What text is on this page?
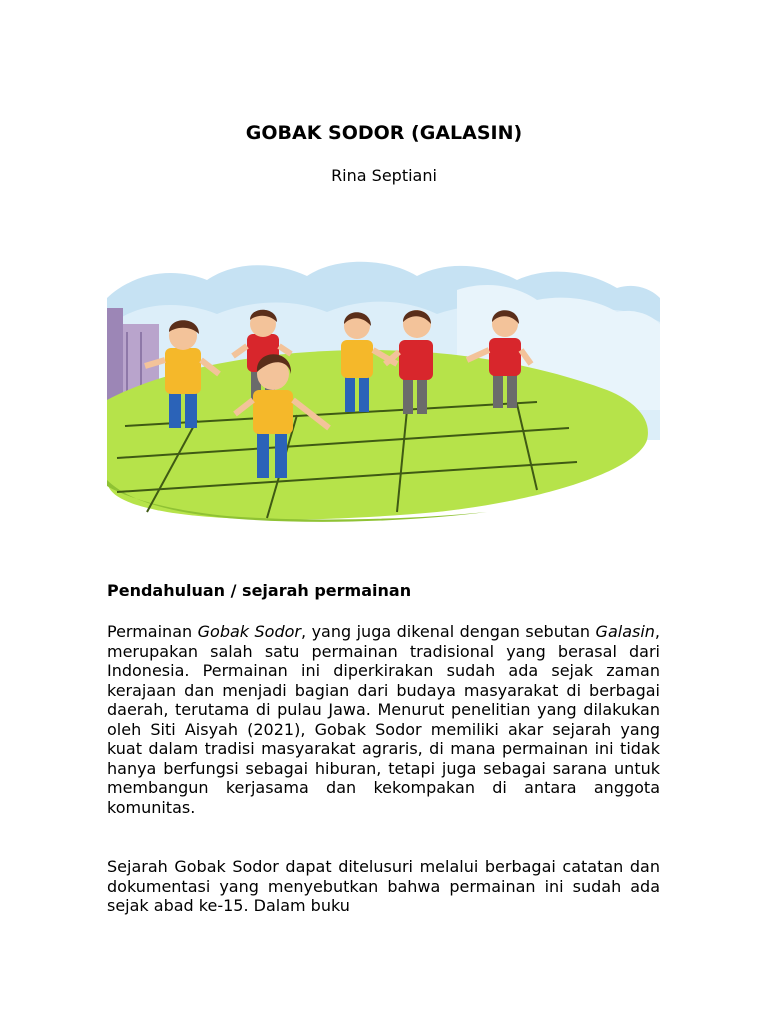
GOBAK SODOR (GALASIN)
Rina Septiani
Pendahuluan / sejarah permainan

Permainan Gobak Sodor, yang juga dikenal dengan sebutan Galasin, merupakan salah satu permainan tradisional yang berasal dari Indonesia. Permainan ini diperkirakan sudah ada sejak zaman kerajaan dan menjadi bagian dari budaya masyarakat di berbagai daerah, terutama di pulau Jawa. Menurut penelitian yang dilakukan oleh Siti Aisyah (2021), Gobak Sodor memiliki akar sejarah yang kuat dalam tradisi masyarakat agraris, di mana permainan ini tidak hanya berfungsi sebagai hiburan, tetapi juga sebagai sarana untuk membangun kerjasama dan kekompakan di antara anggota komunitas.

Sejarah Gobak Sodor dapat ditelusuri melalui berbagai catatan dan dokumentasi yang menyebutkan bahwa permainan ini sudah ada sejak abad ke-15. Dalam buku
